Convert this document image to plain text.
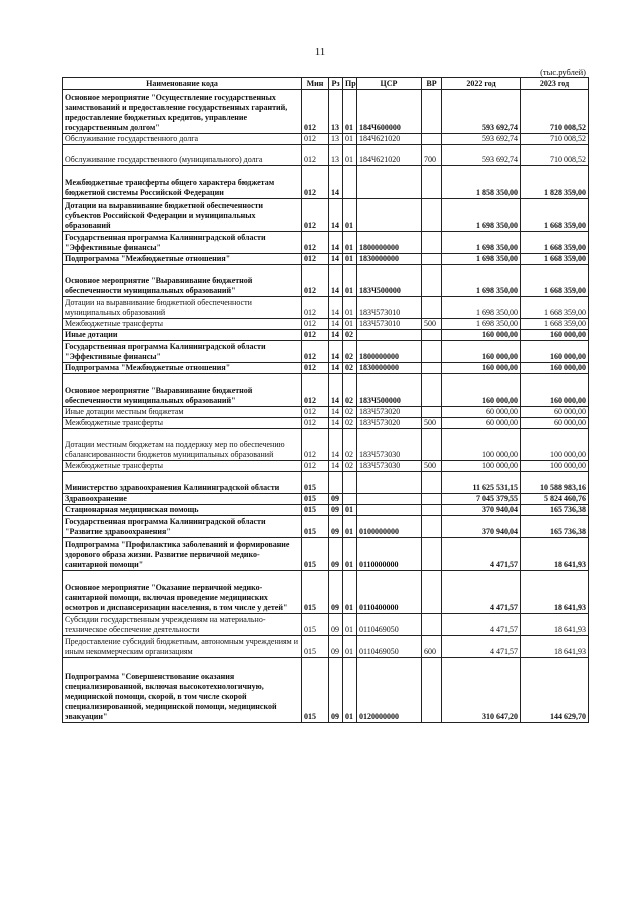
11
(тыс.рублей)
Наименование кода	Мин	Рз	Пр	ЦСР	ВР	2022 год	2023 год
Основное мероприятие "Осуществление государственных заимствований и предоставление государственных гарантий, предоставление бюджетных кредитов, управление государственным долгом"	012	13	01	184Ч600000		593 692,74	710 008,52
Обслуживание государственного долга	012	13	01	184Ч621020		593 692,74	710 008,52
Обслуживание государственного (муниципального) долга	012	13	01	184Ч621020	700	593 692,74	710 008,52
Межбюджетные трансферты общего характера бюджетам бюджетной системы Российской Федерации	012	14				1 858 350,00	1 828 359,00
Дотации на выравнивание бюджетной обеспеченности субъектов Российской Федерации и муниципальных образований	012	14	01			1 698 350,00	1 668 359,00
Государственная программа Калининградской области "Эффективные финансы"	012	14	01	1800000000		1 698 350,00	1 668 359,00
Подпрограмма "Межбюджетные отношения"	012	14	01	1830000000		1 698 350,00	1 668 359,00
Основное мероприятие "Выравнивание бюджетной обеспеченности муниципальных образований"	012	14	01	183Ч500000		1 698 350,00	1 668 359,00
Дотации на выравнивание бюджетной обеспеченности муниципальных образований	012	14	01	183Ч573010		1 698 350,00	1 668 359,00
Межбюджетные трансферты	012	14	01	183Ч573010	500	1 698 350,00	1 668 359,00
Иные дотации	012	14	02			160 000,00	160 000,00
Государственная программа Калининградской области "Эффективные финансы"	012	14	02	1800000000		160 000,00	160 000,00
Подпрограмма "Межбюджетные отношения"	012	14	02	1830000000		160 000,00	160 000,00
Основное мероприятие "Выравнивание бюджетной обеспеченности муниципальных образований"	012	14	02	183Ч500000		160 000,00	160 000,00
Иные дотации местным бюджетам	012	14	02	183Ч573020		60 000,00	60 000,00
Межбюджетные трансферты	012	14	02	183Ч573020	500	60 000,00	60 000,00
Дотации местным бюджетам на поддержку мер по обеспечению сбалансированности бюджетов муниципальных образований	012	14	02	183Ч573030		100 000,00	100 000,00
Межбюджетные трансферты	012	14	02	183Ч573030	500	100 000,00	100 000,00
Министерство здравоохранения Калининградской области	015					11 625 531,15	10 588 983,16
Здравоохранение	015	09				7 045 379,55	5 824 460,76
Стационарная медицинская помощь	015	09	01			370 940,04	165 736,38
Государственная программа Калининградской области "Развитие здравоохранения"	015	09	01	0100000000		370 940,04	165 736,38
Подпрограмма "Профилактика заболеваний и формирование здорового образа жизни. Развитие первичной медико-санитарной помощи"	015	09	01	0110000000		4 471,57	18 641,93
Основное мероприятие "Оказание первичной медико-санитарной помощи, включая проведение медицинских осмотров и диспансеризации населения, в том числе у детей"	015	09	01	0110400000		4 471,57	18 641,93
Субсидии государственным учреждениям на материально-техническое обеспечение деятельности	015	09	01	0110469050		4 471,57	18 641,93
Предоставление субсидий бюджетным, автономным учреждениям и иным некоммерческим организациям	015	09	01	0110469050	600	4 471,57	18 641,93
Подпрограмма "Совершенствование оказания специализированной, включая высокотехнологичную, медицинской помощи, скорой, в том числе скорой специализированной, медицинской помощи, медицинской эвакуации"	015	09	01	0120000000		310 647,20	144 629,70
